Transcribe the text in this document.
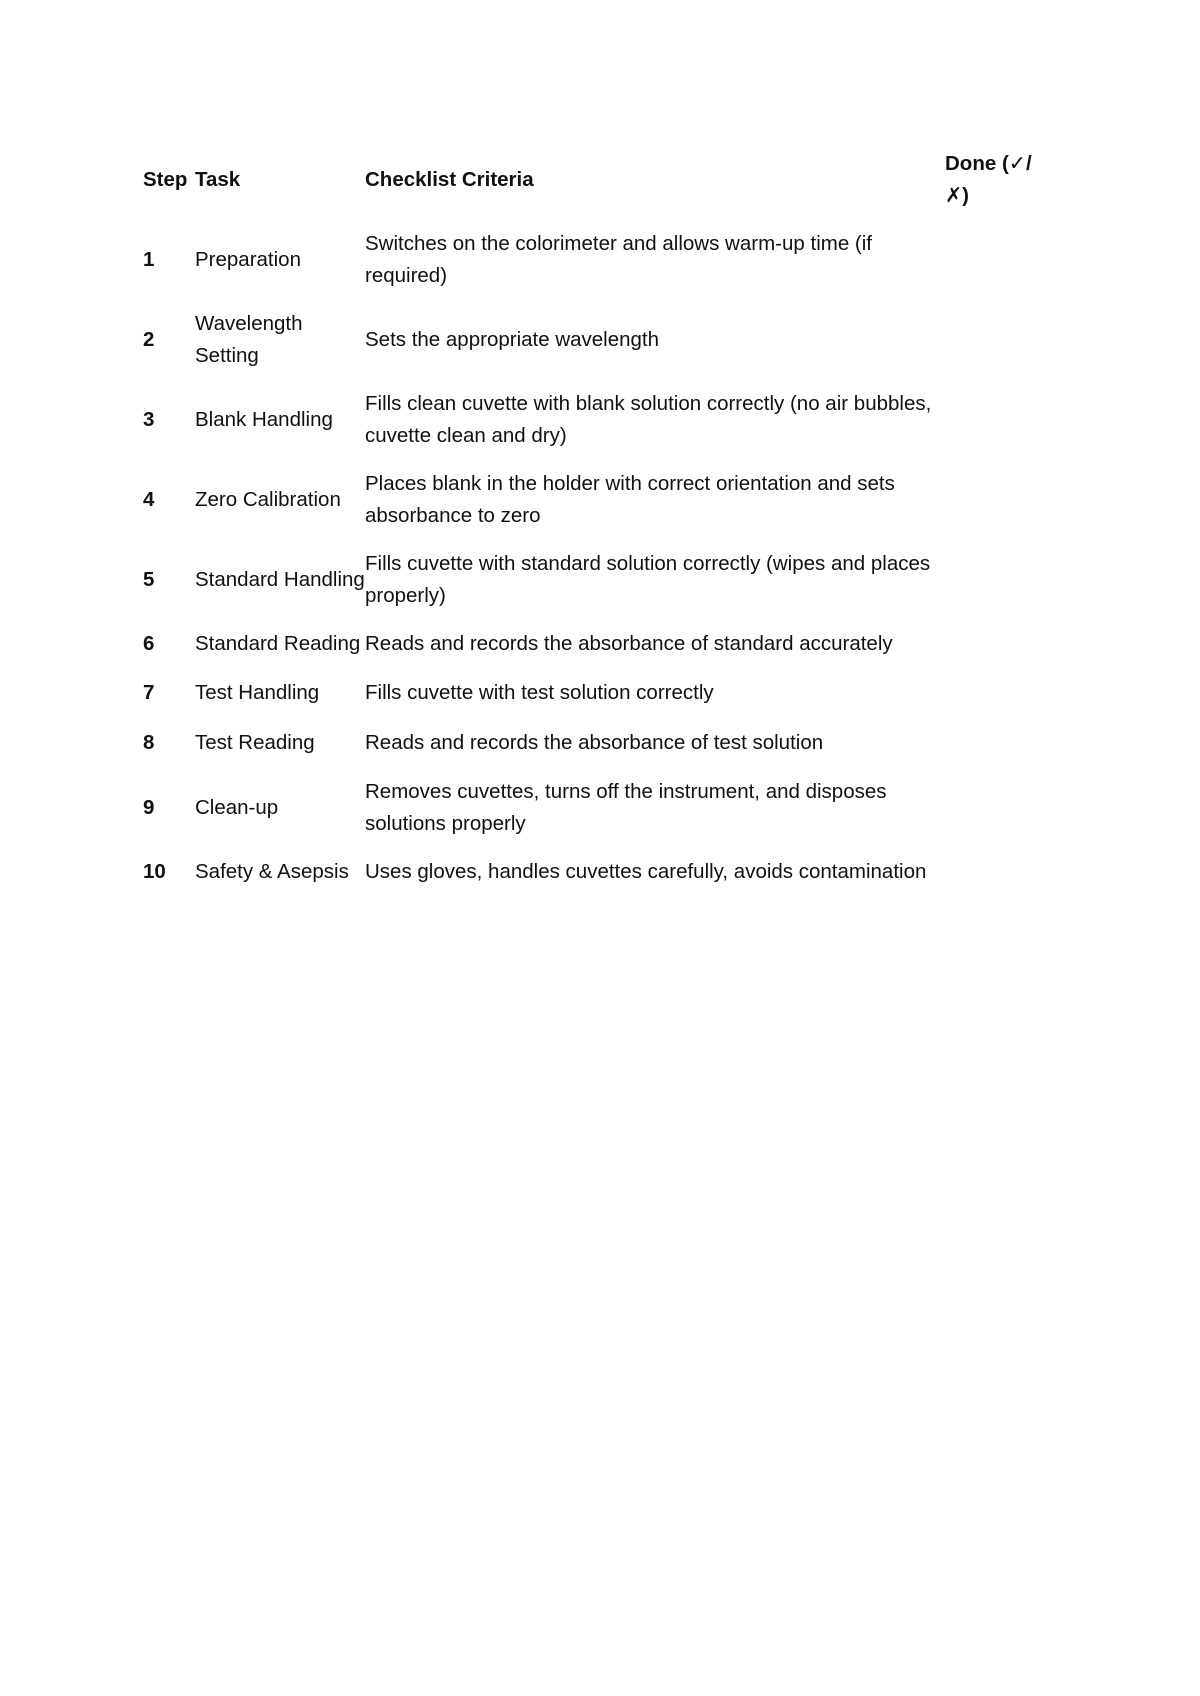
Step	Task	Checklist Criteria	Done (✓/✗)
1	Preparation	Switches on the colorimeter and allows warm-up time (if required)	
2	Wavelength Setting	Sets the appropriate wavelength	
3	Blank Handling	Fills clean cuvette with blank solution correctly (no air bubbles, cuvette clean and dry)	
4	Zero Calibration	Places blank in the holder with correct orientation and sets absorbance to zero	
5	Standard Handling	Fills cuvette with standard solution correctly (wipes and places properly)	
6	Standard Reading	Reads and records the absorbance of standard accurately	
7	Test Handling	Fills cuvette with test solution correctly	
8	Test Reading	Reads and records the absorbance of test solution	
9	Clean-up	Removes cuvettes, turns off the instrument, and disposes solutions properly	
10	Safety & Asepsis	Uses gloves, handles cuvettes carefully, avoids contamination	
